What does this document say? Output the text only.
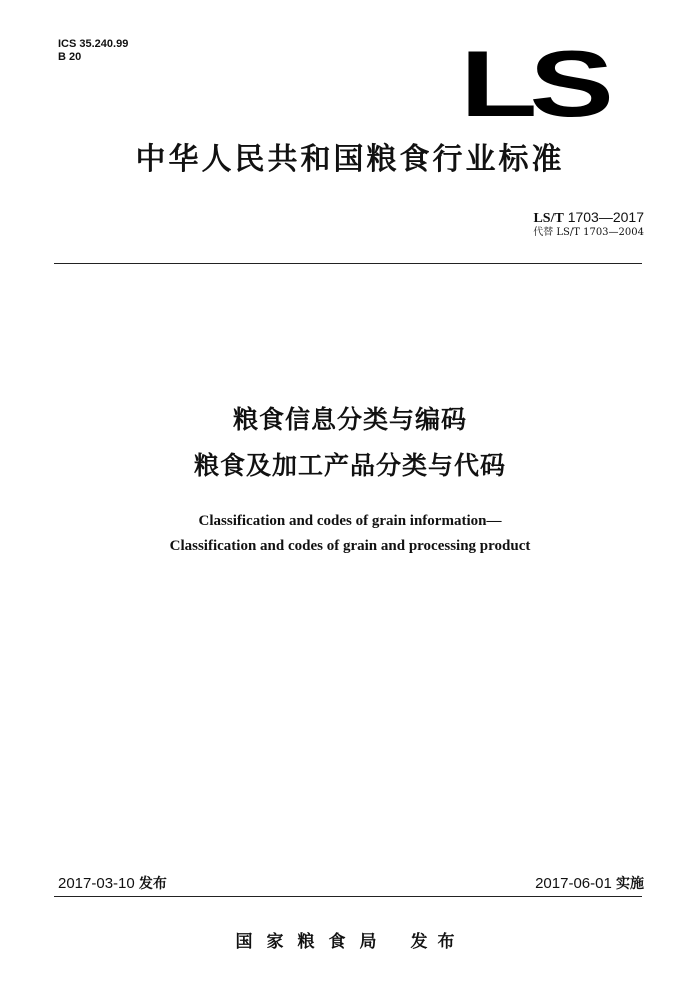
ICS 35.240.99
B 20	LS
中华人民共和国粮食行业标准
LS/T 1703—2017
代替 LS/T 1703—2004
粮食信息分类与编码
粮食及加工产品分类与代码
Classification and codes of grain information—
Classification and codes of grain and processing product
2017-03-10 发布	2017-06-01 实施
国家粮食局 发布
